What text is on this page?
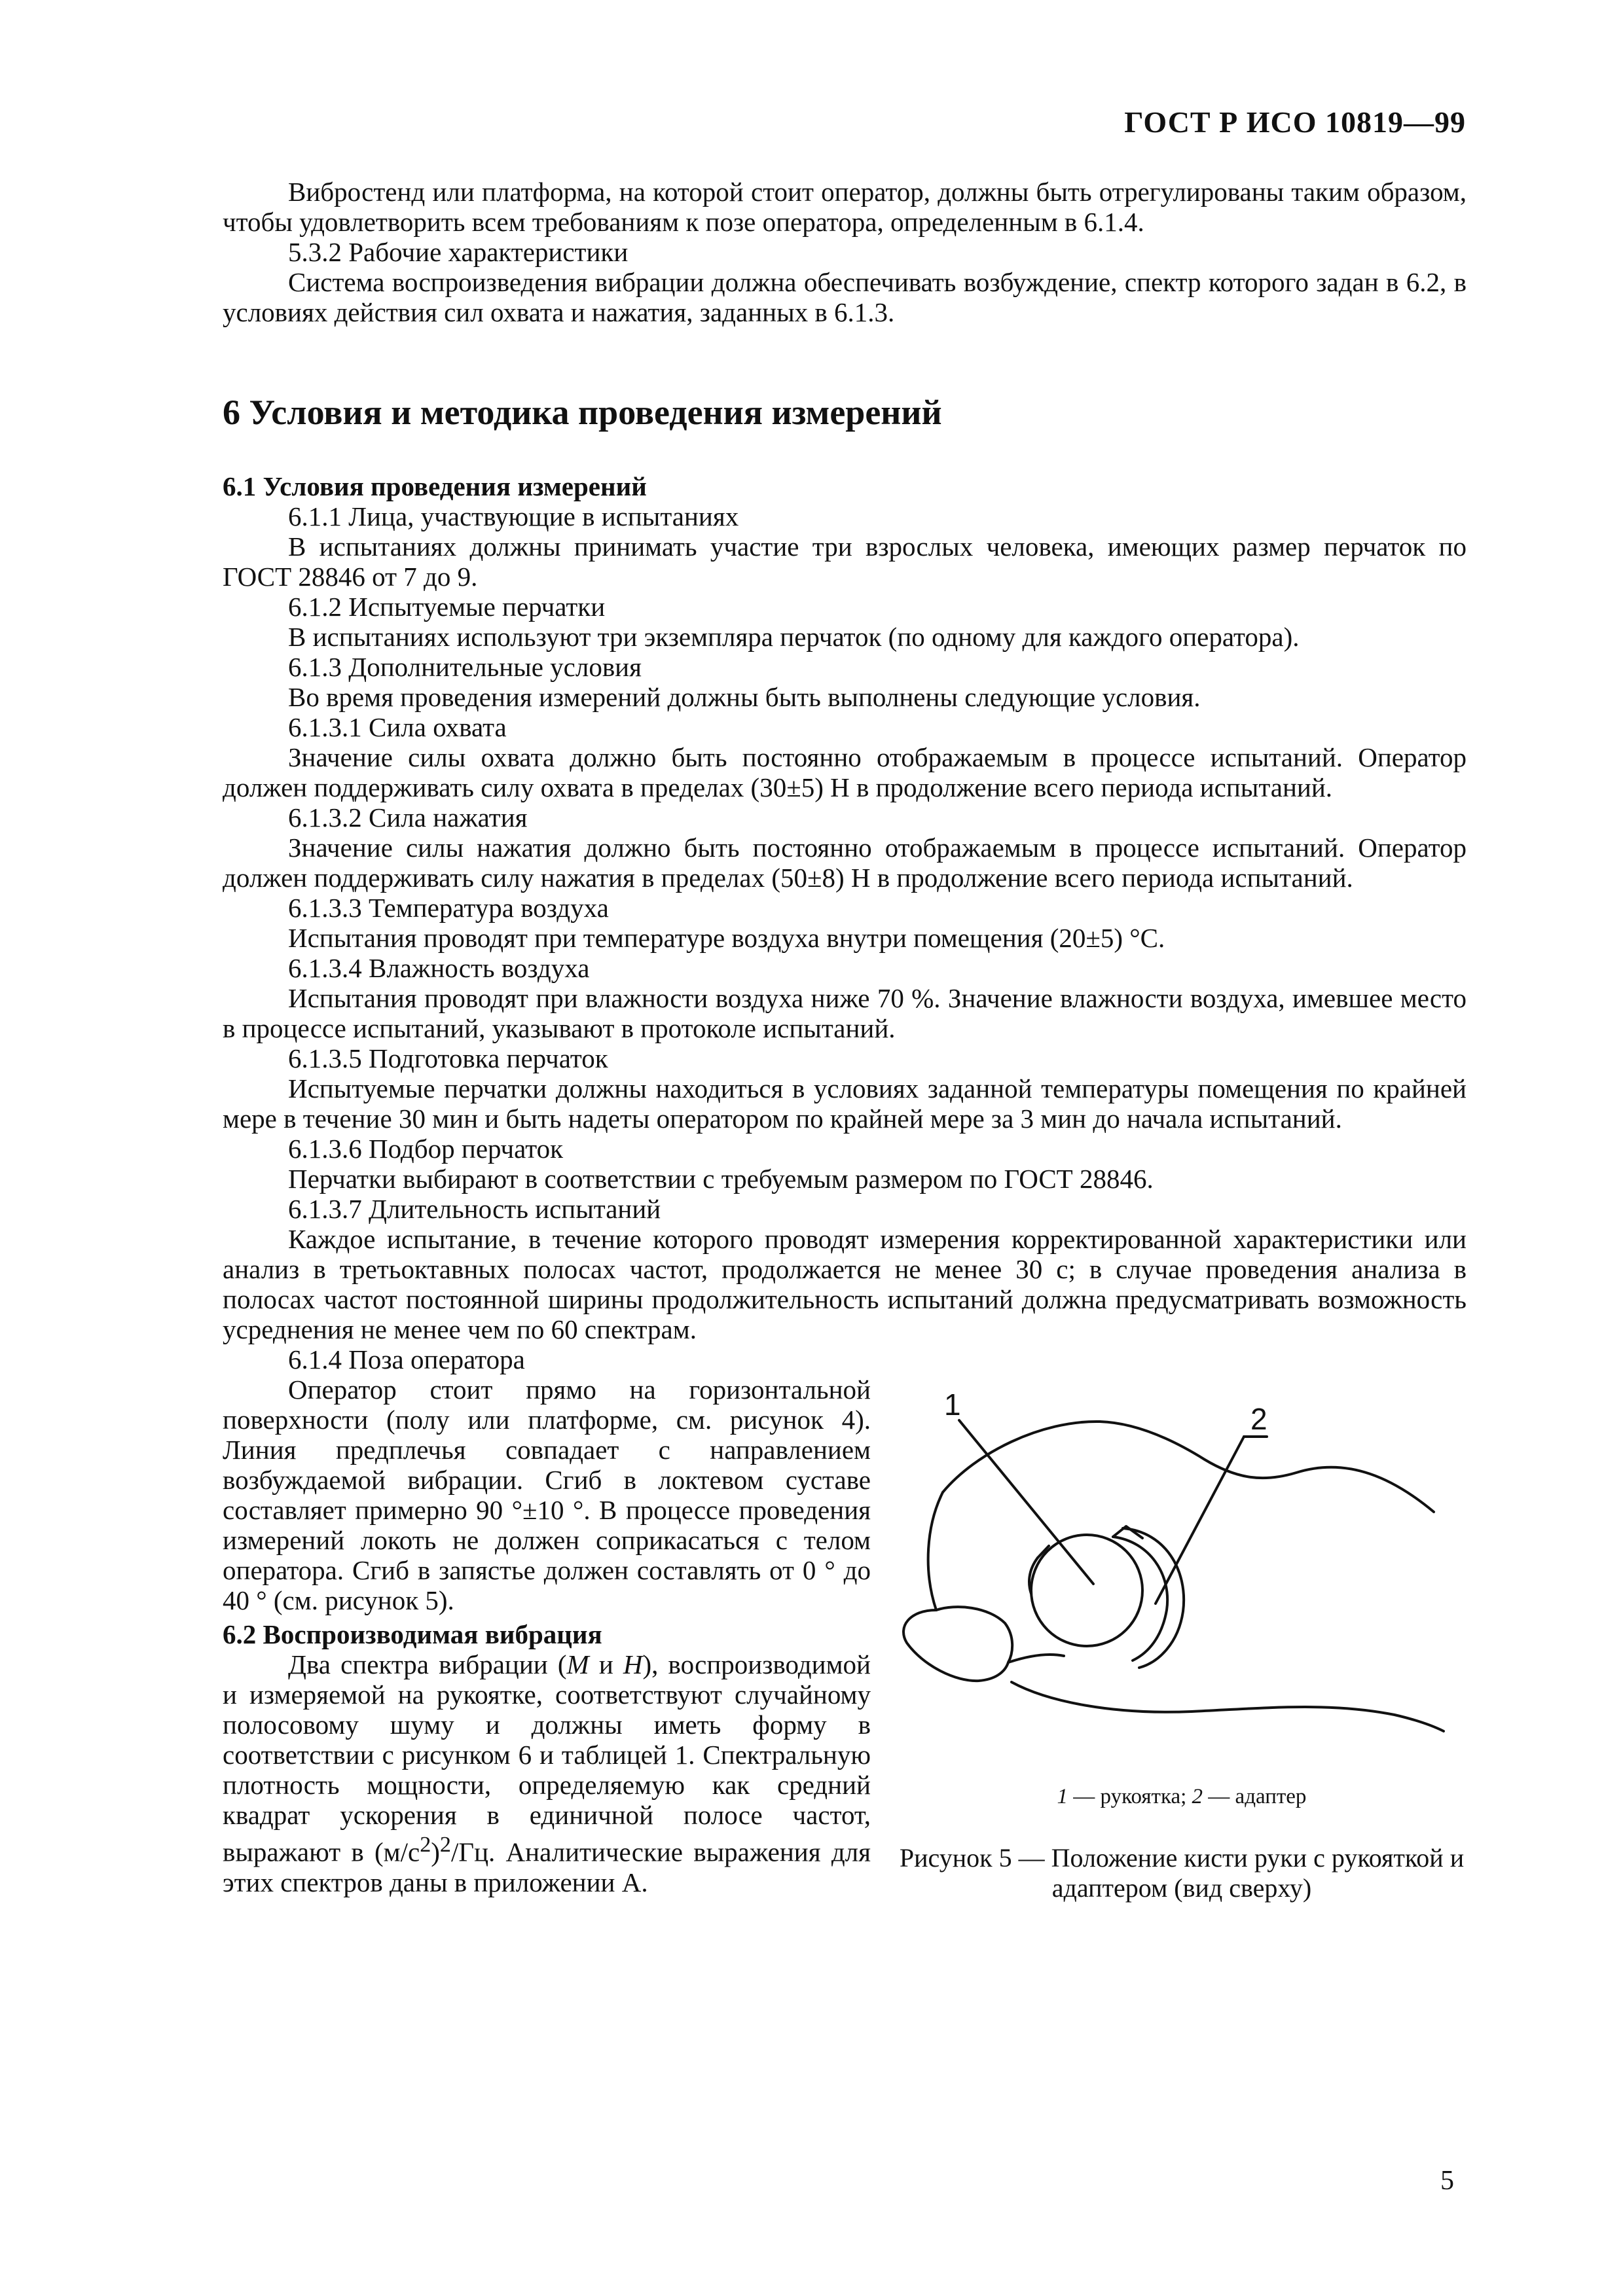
ГОСТ Р ИСО 10819—99

Вибростенд или платформа, на которой стоит оператор, должны быть отрегулированы таким образом, чтобы удовлетворить всем требованиям к позе оператора, определенным в 6.1.4.

5.3.2 Рабочие характеристики

Система воспроизведения вибрации должна обеспечивать возбуждение, спектр которого задан в 6.2, в условиях действия сил охвата и нажатия, заданных в 6.1.3.

6 Условия и методика проведения измерений

6.1 Условия проведения измерений

6.1.1 Лица, участвующие в испытаниях

В испытаниях должны принимать участие три взрослых человека, имеющих размер перчаток по ГОСТ 28846 от 7 до 9.

6.1.2 Испытуемые перчатки

В испытаниях используют три экземпляра перчаток (по одному для каждого оператора).

6.1.3 Дополнительные условия

Во время проведения измерений должны быть выполнены следующие условия.

6.1.3.1 Сила охвата

Значение силы охвата должно быть постоянно отображаемым в процессе испытаний. Оператор должен поддерживать силу охвата в пределах (30±5) Н в продолжение всего периода испытаний.

6.1.3.2 Сила нажатия

Значение силы нажатия должно быть постоянно отображаемым в процессе испытаний. Оператор должен поддерживать силу нажатия в пределах (50±8) Н в продолжение всего периода испытаний.

6.1.3.3 Температура воздуха

Испытания проводят при температуре воздуха внутри помещения (20±5) °С.

6.1.3.4 Влажность воздуха

Испытания проводят при влажности воздуха ниже 70 %. Значение влажности воздуха, имевшее место в процессе испытаний, указывают в протоколе испытаний.

6.1.3.5 Подготовка перчаток

Испытуемые перчатки должны находиться в условиях заданной температуры помещения по крайней мере в течение 30 мин и быть надеты оператором по крайней мере за 3 мин до начала испытаний.

6.1.3.6 Подбор перчаток

Перчатки выбирают в соответствии с требуемым размером по ГОСТ 28846.

6.1.3.7 Длительность испытаний

Каждое испытание, в течение которого проводят измерения корректированной характеристики или анализ в третьоктавных полосах частот, продолжается не менее 30 с; в случае проведения анализа в полосах частот постоянной ширины продолжительность испытаний должна предусматривать возможность усреднения не менее чем по 60 спектрам.

6.1.4 Поза оператора

Оператор стоит прямо на горизонтальной поверхности (полу или платформе, см. рисунок 4). Линия предплечья совпадает с направлением возбуждаемой вибрации. Сгиб в локтевом суставе составляет примерно 90 °±10 °. В процессе проведения измерений локоть не должен соприкасаться с телом оператора. Сгиб в запястье должен составлять от 0 ° до 40 ° (см. рисунок 5).

6.2 Воспроизводимая вибрация

Два спектра вибрации (М и Н), воспроизводимой и измеряемой на рукоятке, соответствуют случайному полосовому шуму и должны иметь форму в соответствии с рисунком 6 и таблицей 1. Спектральную плотность мощности, определяемую как средний квадрат ускорения в единичной полосе частот, выражают в $(м/с^2)^2/Гц$. Аналитические выражения для этих спектров даны в приложении А.

1	2
1 — рукоятка; 2 — адаптер
Рисунок 5 — Положение кисти руки с рукояткой и адаптером (вид сверху)
5
